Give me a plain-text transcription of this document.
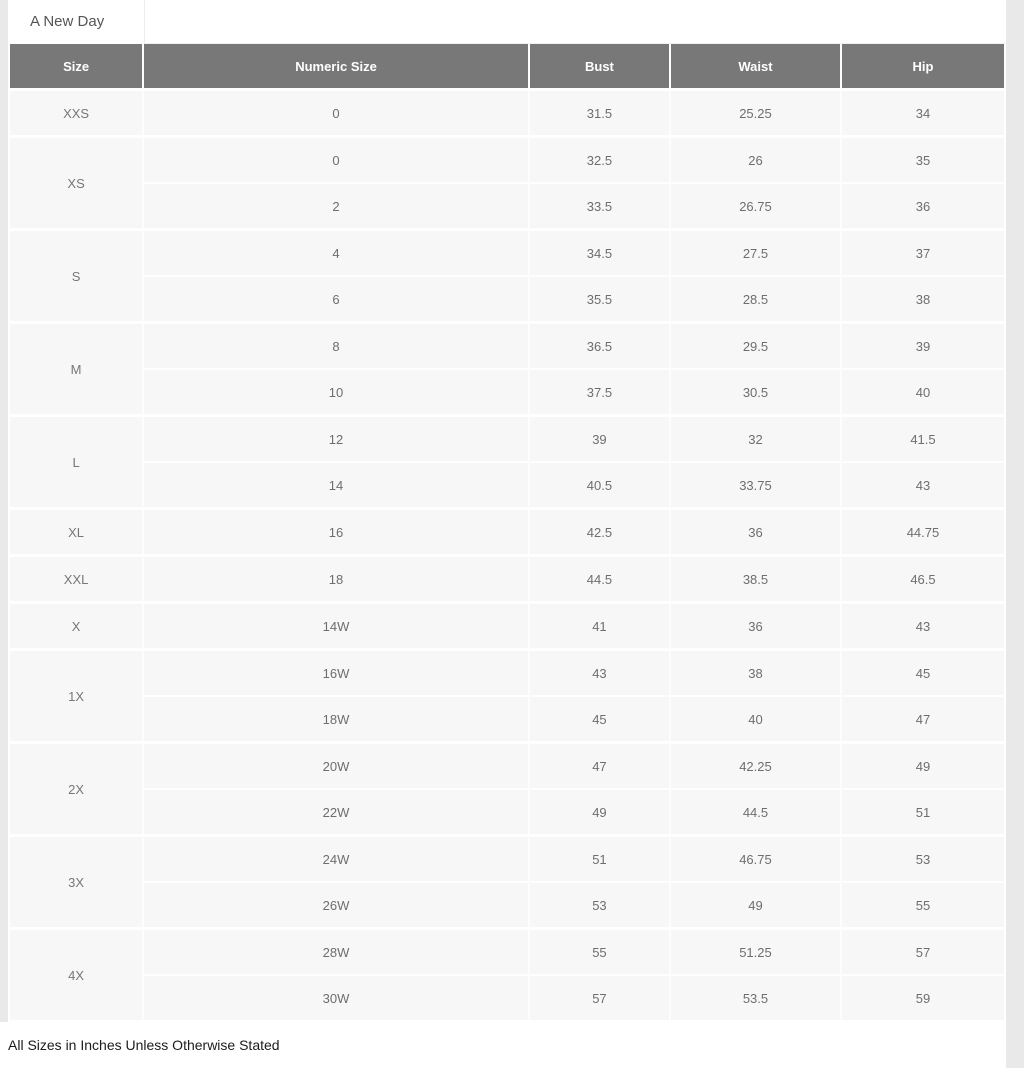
A New Day
Size	Numeric Size	Bust	Waist	Hip
XXS	0	31.5	25.25	34
XS	0	32.5	26	35
	2	33.5	26.75	36
S	4	34.5	27.5	37
	6	35.5	28.5	38
M	8	36.5	29.5	39
	10	37.5	30.5	40
L	12	39	32	41.5
	14	40.5	33.75	43
XL	16	42.5	36	44.75
XXL	18	44.5	38.5	46.5
X	14W	41	36	43
1X	16W	43	38	45
	18W	45	40	47
2X	20W	47	42.25	49
	22W	49	44.5	51
3X	24W	51	46.75	53
	26W	53	49	55
4X	28W	55	51.25	57
	30W	57	53.5	59
All Sizes in Inches Unless Otherwise Stated
